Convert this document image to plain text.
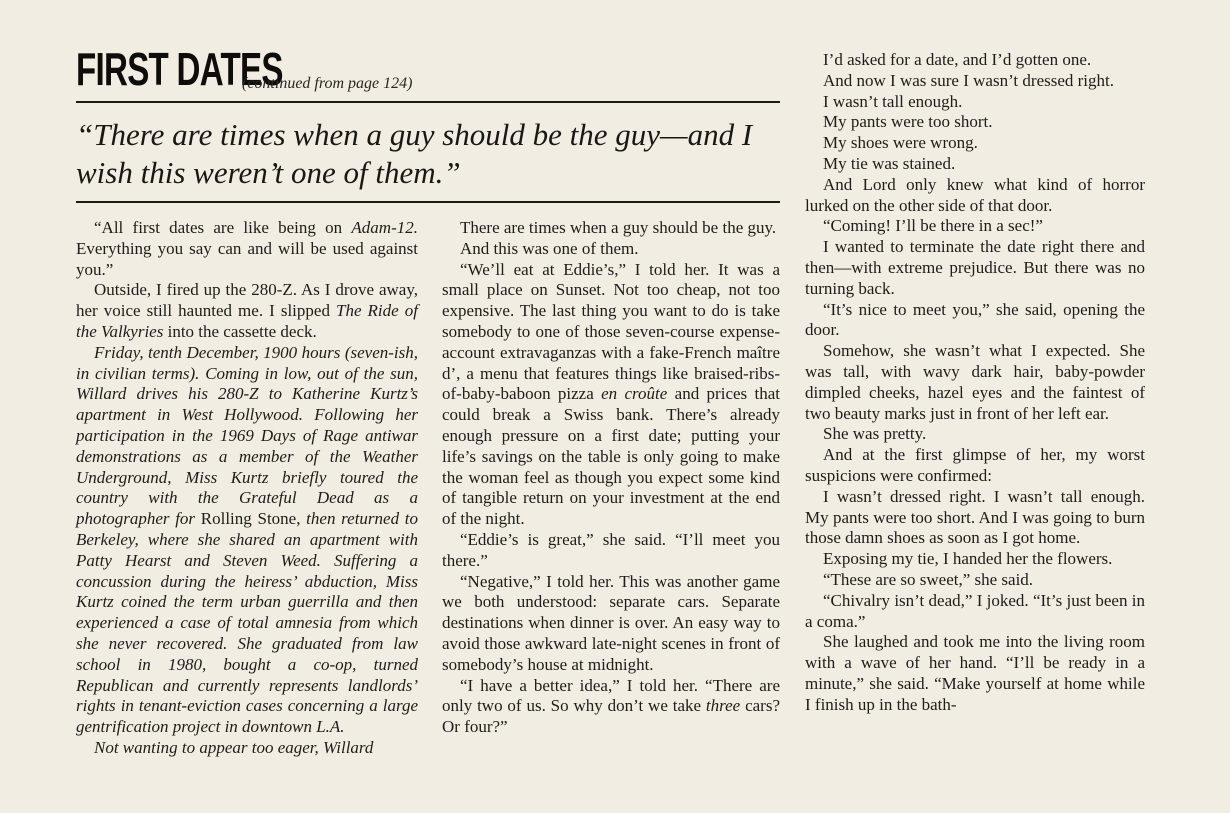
FIRST DATES
(continued from page 124)
“There are times when a guy should be the guy—and I wish this weren’t one of them.”

“All first dates are like being on Adam-12. Everything you say can and will be used against you.”

Outside, I fired up the 280-Z. As I drove away, her voice still haunted me. I slipped The Ride of the Valkyries into the cassette deck.

Friday, tenth December, 1900 hours (seven-ish, in civilian terms). Coming in low, out of the sun, Willard drives his 280-Z to Katherine Kurtz’s apartment in West Hollywood. Following her participation in the 1969 Days of Rage antiwar demonstrations as a member of the Weather Underground, Miss Kurtz briefly toured the country with the Grateful Dead as a photographer for Rolling Stone, then returned to Berkeley, where she shared an apartment with Patty Hearst and Steven Weed. Suffering a concussion during the heiress’ abduction, Miss Kurtz coined the term urban guerrilla and then experienced a case of total amnesia from which she never recovered. She graduated from law school in 1980, bought a co-op, turned Republican and currently represents landlords’ rights in tenant-eviction cases concerning a large gentrification project in downtown L.A.

Not wanting to appear too eager, Willard

There are times when a guy should be the guy.

And this was one of them.

“We’ll eat at Eddie’s,” I told her. It was a small place on Sunset. Not too cheap, not too expensive. The last thing you want to do is take somebody to one of those seven-course expense-account extravaganzas with a fake-French maître d’, a menu that features things like braised-ribs-of-baby-baboon pizza en croûte and prices that could break a Swiss bank. There’s already enough pressure on a first date; putting your life’s savings on the table is only going to make the woman feel as though you expect some kind of tangible return on your investment at the end of the night.

“Eddie’s is great,” she said. “I’ll meet you there.”

“Negative,” I told her. This was another game we both understood: separate cars. Separate destinations when dinner is over. An easy way to avoid those awkward late-night scenes in front of somebody’s house at midnight.

“I have a better idea,” I told her. “There are only two of us. So why don’t we take three cars? Or four?”

I’d asked for a date, and I’d gotten one.

And now I was sure I wasn’t dressed right.

I wasn’t tall enough.

My pants were too short.

My shoes were wrong.

My tie was stained.

And Lord only knew what kind of horror lurked on the other side of that door.

“Coming! I’ll be there in a sec!”

I wanted to terminate the date right there and then—with extreme prejudice. But there was no turning back.

“It’s nice to meet you,” she said, opening the door.

Somehow, she wasn’t what I expected. She was tall, with wavy dark hair, baby-powder dimpled cheeks, hazel eyes and the faintest of two beauty marks just in front of her left ear.

She was pretty.

And at the first glimpse of her, my worst suspicions were confirmed:

I wasn’t dressed right. I wasn’t tall enough. My pants were too short. And I was going to burn those damn shoes as soon as I got home.

Exposing my tie, I handed her the flowers.

“These are so sweet,” she said.

“Chivalry isn’t dead,” I joked. “It’s just been in a coma.”

She laughed and took me into the living room with a wave of her hand. “I’ll be ready in a minute,” she said. “Make yourself at home while I finish up in the bath-
